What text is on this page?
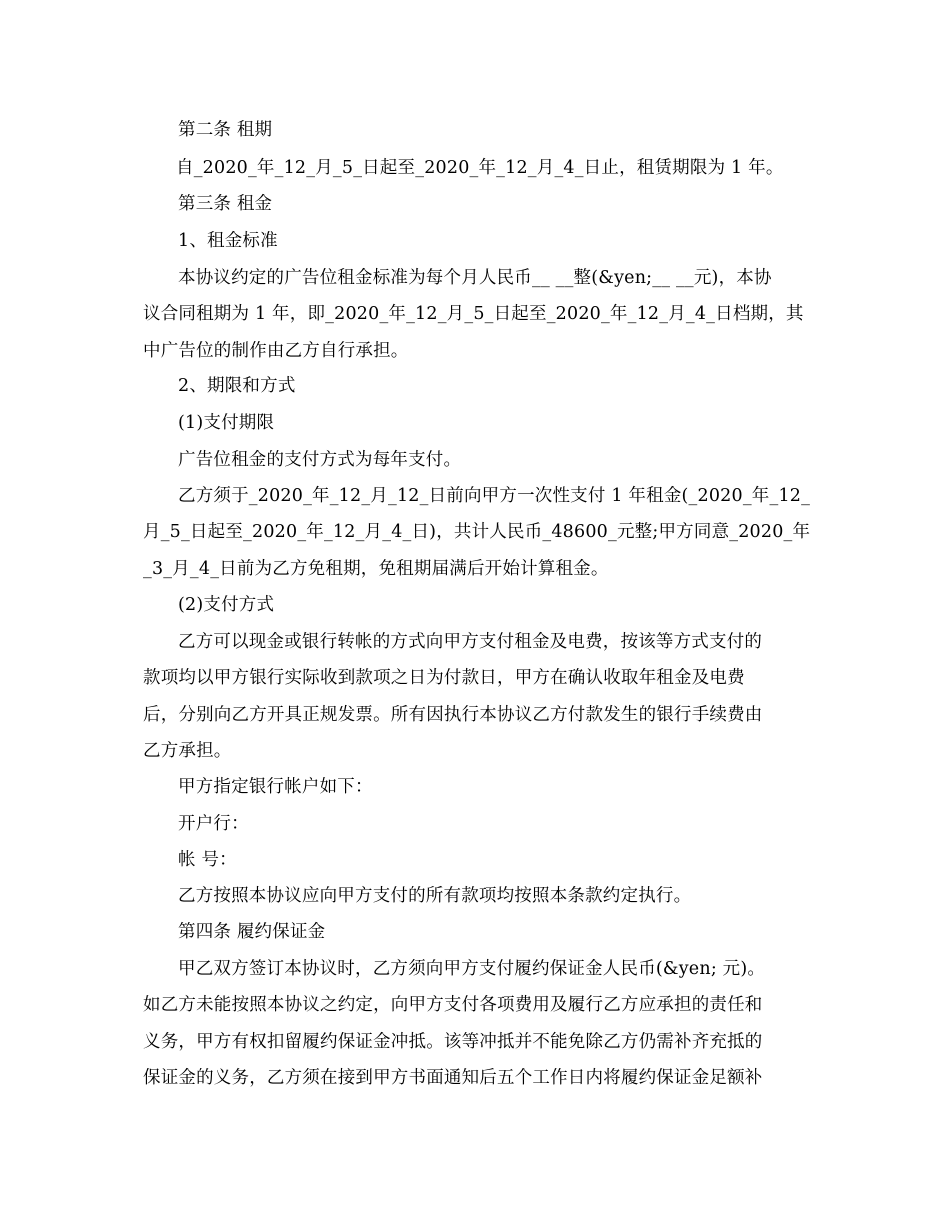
第二条 租期
自_2020_年_12_月_5_日起至_2020_年_12_月_4_日止，租赁期限为 1 年。
第三条 租金
1、租金标准
本协议约定的广告位租金标准为每个月人民币__ __整(&yen;__ __元)，本协
议合同租期为 1 年，即_2020_年_12_月_5_日起至_2020_年_12_月_4_日档期，其
中广告位的制作由乙方自行承担。
2、期限和方式
(1)支付期限
广告位租金的支付方式为每年支付。
乙方须于_2020_年_12_月_12_日前向甲方一次性支付 1 年租金(_2020_年_12_
月_5_日起至_2020_年_12_月_4_日)，共计人民币_48600_元整;甲方同意_2020_年
_3_月_4_日前为乙方免租期，免租期届满后开始计算租金。
(2)支付方式
乙方可以现金或银行转帐的方式向甲方支付租金及电费，按该等方式支付的
款项均以甲方银行实际收到款项之日为付款日，甲方在确认收取年租金及电费
后，分别向乙方开具正规发票。所有因执行本协议乙方付款发生的银行手续费由
乙方承担。
甲方指定银行帐户如下：
开户行：
帐 号：
乙方按照本协议应向甲方支付的所有款项均按照本条款约定执行。
第四条 履约保证金
甲乙双方签订本协议时，乙方须向甲方支付履约保证金人民币(&yen; 元)。
如乙方未能按照本协议之约定，向甲方支付各项费用及履行乙方应承担的责任和
义务，甲方有权扣留履约保证金冲抵。该等冲抵并不能免除乙方仍需补齐充抵的
保证金的义务，乙方须在接到甲方书面通知后五个工作日内将履约保证金足额补
